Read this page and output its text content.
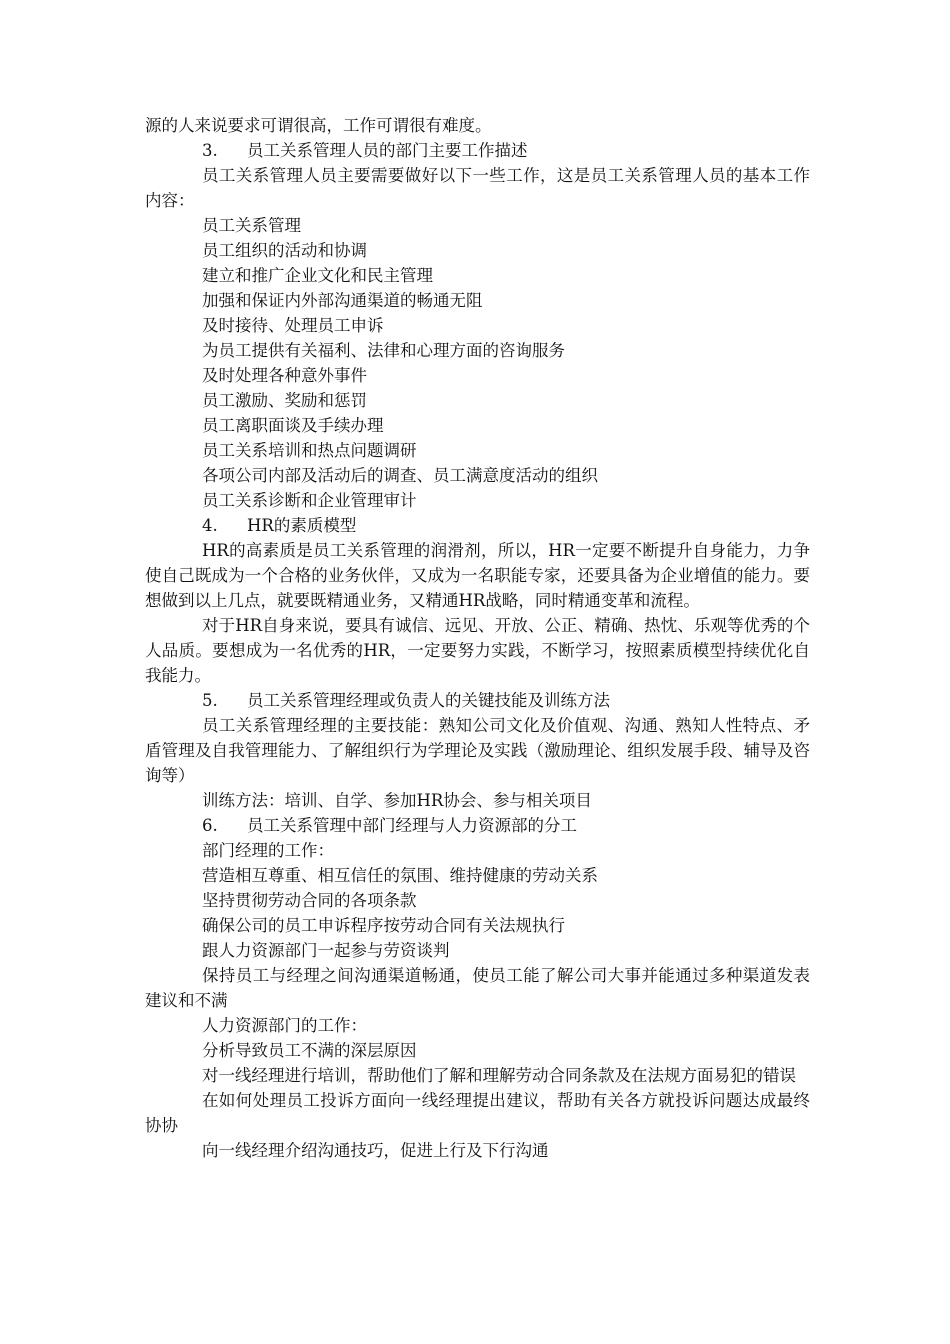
源的人来说要求可谓很高，工作可谓很有难度。

3. 员工关系管理人员的部门主要工作描述

员工关系管理人员主要需要做好以下一些工作，这是员工关系管理人员的基本工作内容：

员工关系管理

员工组织的活动和协调

建立和推广企业文化和民主管理

加强和保证内外部沟通渠道的畅通无阻

及时接待、处理员工申诉

为员工提供有关福利、法律和心理方面的咨询服务

及时处理各种意外事件

员工激励、奖励和惩罚

员工离职面谈及手续办理

员工关系培训和热点问题调研

各项公司内部及活动后的调查、员工满意度活动的组织

员工关系诊断和企业管理审计

4. HR的素质模型

HR的高素质是员工关系管理的润滑剂，所以，HR一定要不断提升自身能力，力争使自己既成为一个合格的业务伙伴，又成为一名职能专家，还要具备为企业增值的能力。要想做到以上几点，就要既精通业务，又精通HR战略，同时精通变革和流程。

对于HR自身来说，要具有诚信、远见、开放、公正、精确、热忱、乐观等优秀的个人品质。要想成为一名优秀的HR，一定要努力实践，不断学习，按照素质模型持续优化自我能力。

5. 员工关系管理经理或负责人的关键技能及训练方法

员工关系管理经理的主要技能：熟知公司文化及价值观、沟通、熟知人性特点、矛盾管理及自我管理能力、了解组织行为学理论及实践（激励理论、组织发展手段、辅导及咨询等）

训练方法：培训、自学、参加HR协会、参与相关项目

6. 员工关系管理中部门经理与人力资源部的分工

部门经理的工作：

营造相互尊重、相互信任的氛围、维持健康的劳动关系

坚持贯彻劳动合同的各项条款

确保公司的员工申诉程序按劳动合同有关法规执行

跟人力资源部门一起参与劳资谈判

保持员工与经理之间沟通渠道畅通，使员工能了解公司大事并能通过多种渠道发表建议和不满

人力资源部门的工作：

分析导致员工不满的深层原因

对一线经理进行培训，帮助他们了解和理解劳动合同条款及在法规方面易犯的错误

在如何处理员工投诉方面向一线经理提出建议，帮助有关各方就投诉问题达成最终协协

向一线经理介绍沟通技巧，促进上行及下行沟通
